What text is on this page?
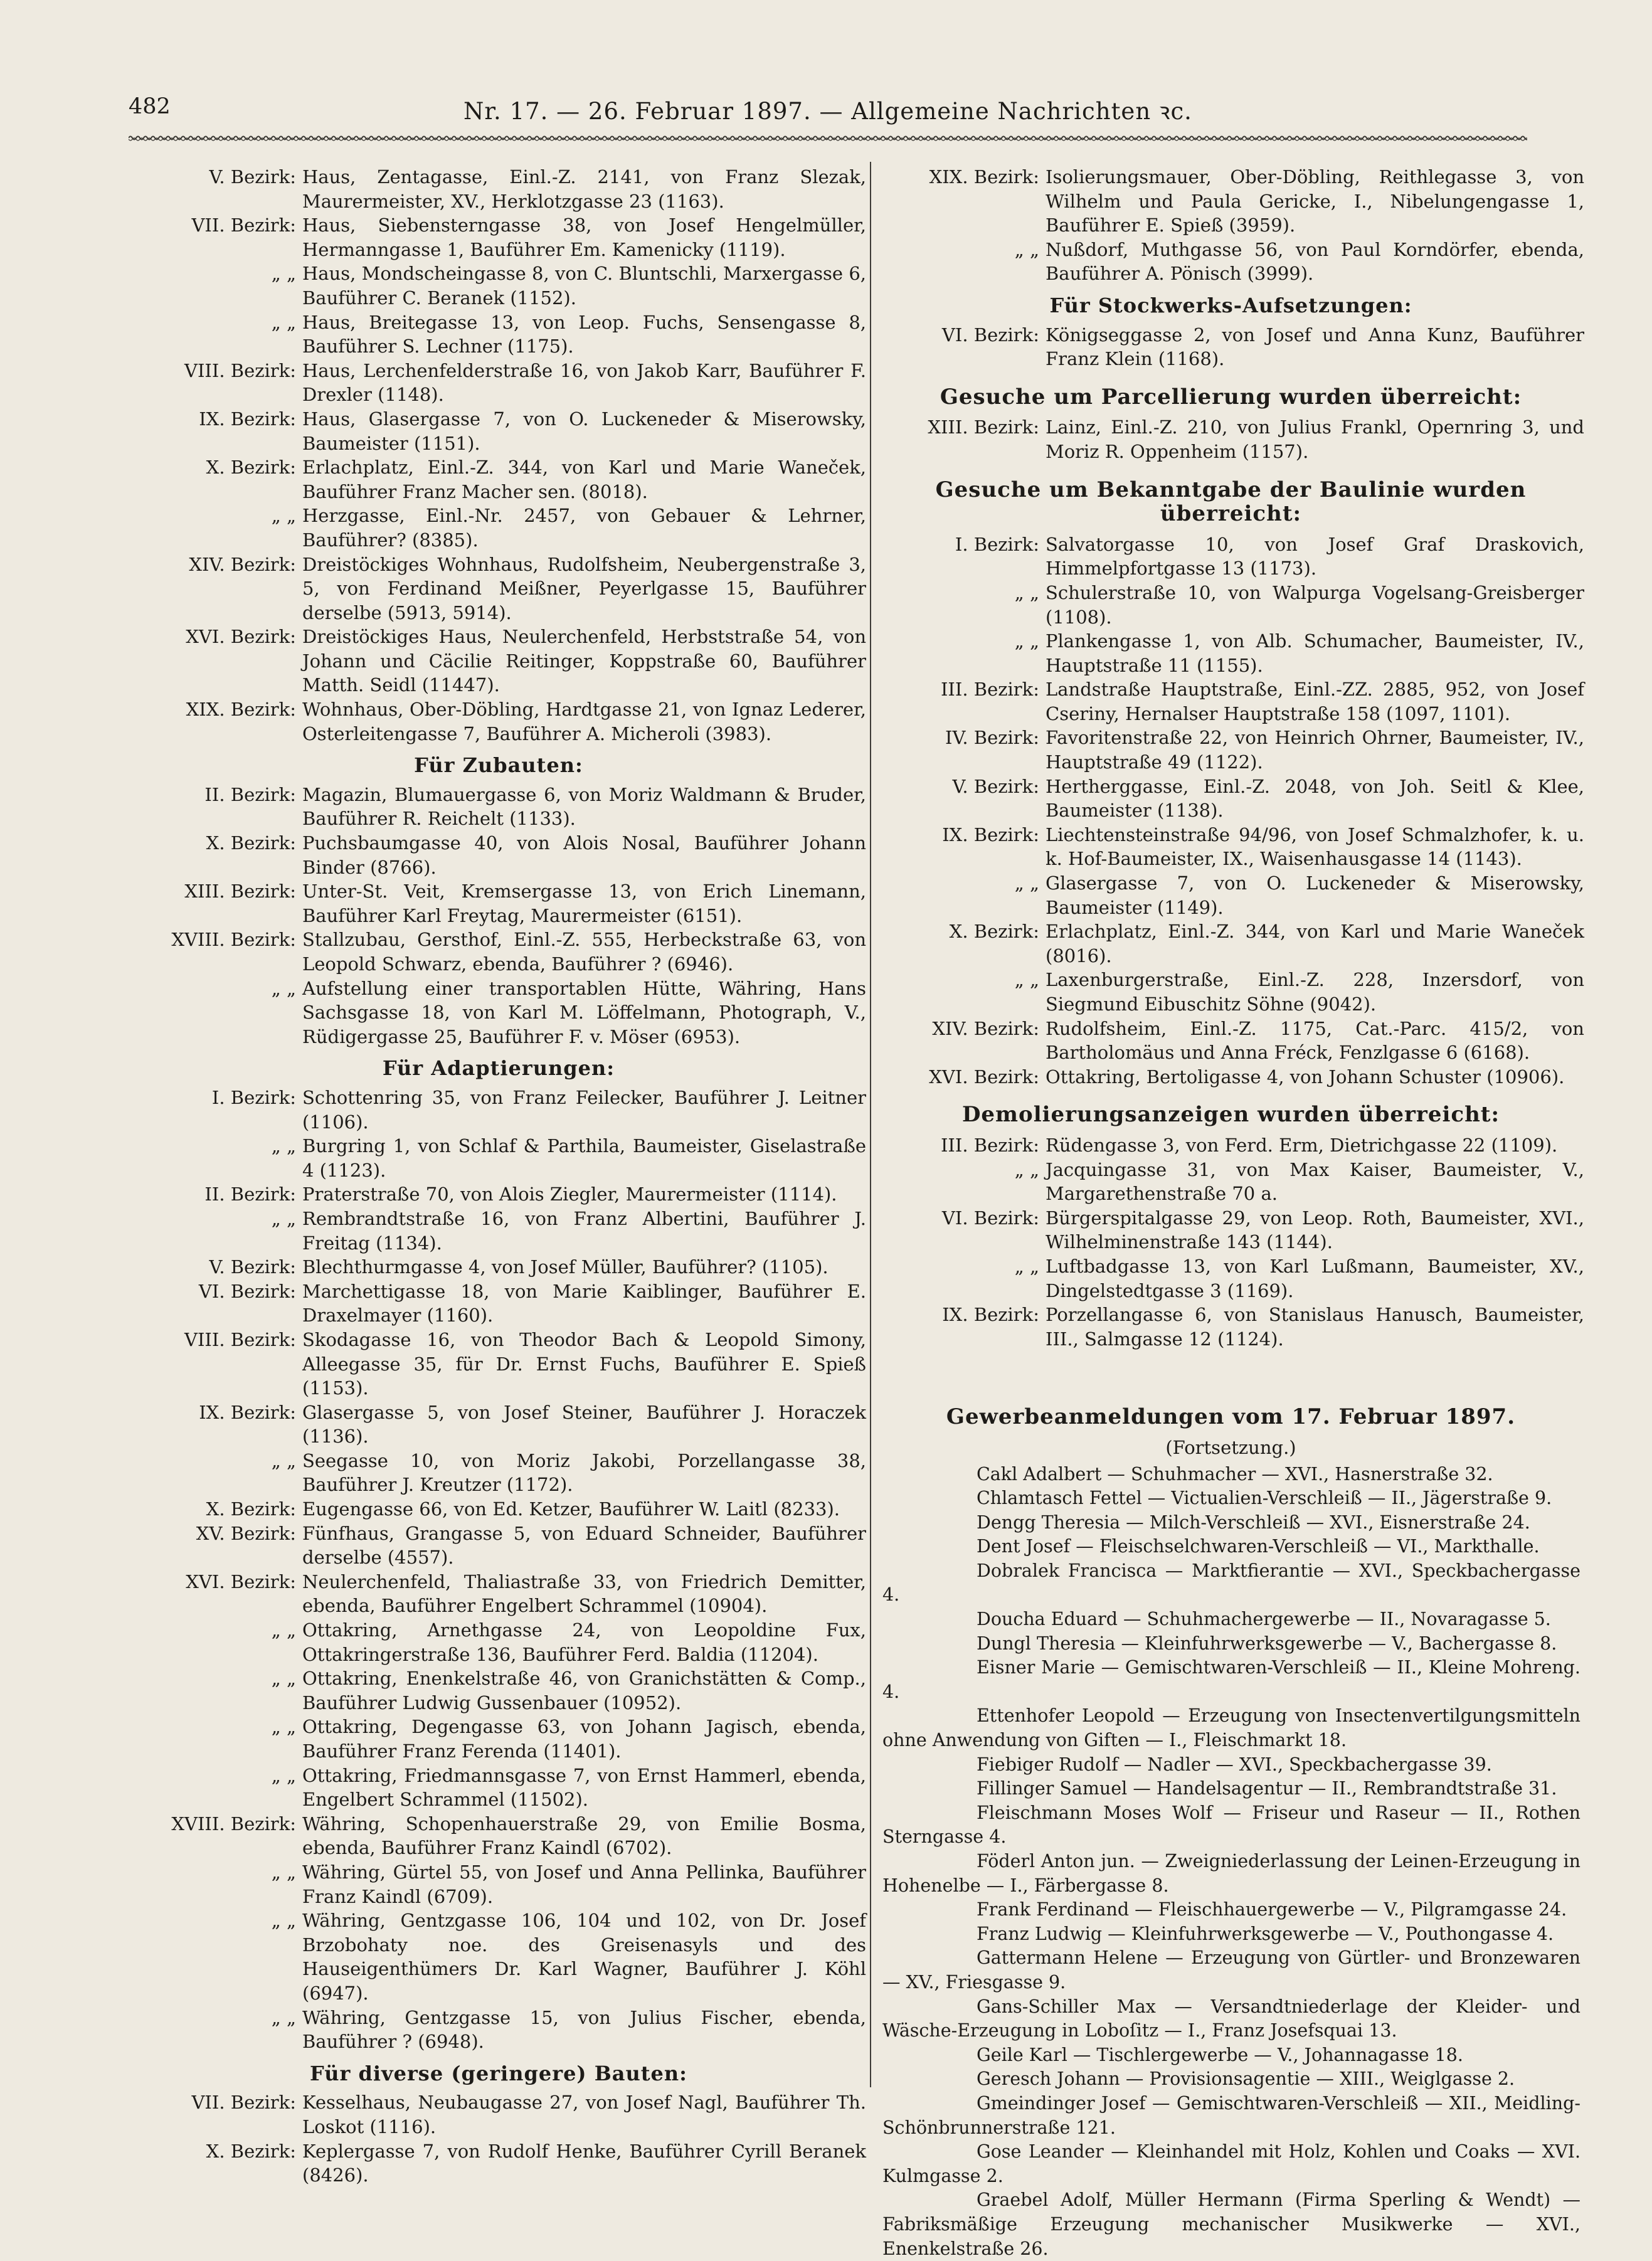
482	Nr. 17. — 26. Februar 1897. — Allgemeine Nachrichten ꝛc.
V. Bezirk: Haus, Zentagasse, Einl.-Z. 2141, von Franz Slezak, Maurermeister, XV., Herklotzgasse 23 (1163).
VII. Bezirk: Haus, Siebensterngasse 38, von Josef Hengelmüller, Hermanngasse 1, Bauführer Em. Kamenicky (1119).
„ „ Haus, Mondscheingasse 8, von C. Bluntschli, Marxergasse 6, Bauführer C. Beranek (1152).
„ „ Haus, Breitegasse 13, von Leop. Fuchs, Sensengasse 8, Bauführer S. Lechner (1175).
VIII. Bezirk: Haus, Lerchenfelderstraße 16, von Jakob Karr, Bauführer F. Drexler (1148).
IX. Bezirk: Haus, Glasergasse 7, von O. Luckeneder & Miserowsky, Baumeister (1151).
X. Bezirk: Erlachplatz, Einl.-Z. 344, von Karl und Marie Waneček, Bauführer Franz Macher sen. (8018).
„ „ Herzgasse, Einl.-Nr. 2457, von Gebauer & Lehrner, Bauführer? (8385).
XIV. Bezirk: Dreistöckiges Wohnhaus, Rudolfsheim, Neubergenstraße 3, 5, von Ferdinand Meißner, Peyerlgasse 15, Bauführer derselbe (5913, 5914).
XVI. Bezirk: Dreistöckiges Haus, Neulerchenfeld, Herbststraße 54, von Johann und Cäcilie Reitinger, Koppstraße 60, Bauführer Matth. Seidl (11447).
XIX. Bezirk: Wohnhaus, Ober-Döbling, Hardtgasse 21, von Ignaz Lederer, Osterleitengasse 7, Bauführer A. Micheroli (3983).
Für Zubauten:
II. Bezirk: Magazin, Blumauergasse 6, von Moriz Waldmann & Bruder, Bauführer R. Reichelt (1133).
X. Bezirk: Puchsbaumgasse 40, von Alois Nosal, Bauführer Johann Binder (8766).
XIII. Bezirk: Unter-St. Veit, Kremsergasse 13, von Erich Linemann, Bauführer Karl Freytag, Maurermeister (6151).
XVIII. Bezirk: Stallzubau, Gersthof, Einl.-Z. 555, Herbeckstraße 63, von Leopold Schwarz, ebenda, Bauführer ? (6946).
„ „ Aufstellung einer transportablen Hütte, Währing, Hans Sachsgasse 18, von Karl M. Löffelmann, Photograph, V., Rüdigergasse 25, Bauführer F. v. Möser (6953).
Für Adaptierungen:
I. Bezirk: Schottenring 35, von Franz Feilecker, Bauführer J. Leitner (1106).
„ „ Burgring 1, von Schlaf & Parthila, Baumeister, Giselastraße 4 (1123).
II. Bezirk: Praterstraße 70, von Alois Ziegler, Maurermeister (1114).
„ „ Rembrandtstraße 16, von Franz Albertini, Bauführer J. Freitag (1134).
V. Bezirk: Blechthurmgasse 4, von Josef Müller, Bauführer? (1105).
VI. Bezirk: Marchettigasse 18, von Marie Kaiblinger, Bauführer E. Draxelmayer (1160).
VIII. Bezirk: Skodagasse 16, von Theodor Bach & Leopold Simony, Alleegasse 35, für Dr. Ernst Fuchs, Bauführer E. Spieß (1153).
IX. Bezirk: Glasergasse 5, von Josef Steiner, Bauführer J. Horaczek (1136).
„ „ Seegasse 10, von Moriz Jakobi, Porzellangasse 38, Bauführer J. Kreutzer (1172).
X. Bezirk: Eugengasse 66, von Ed. Ketzer, Bauführer W. Laitl (8233).
XV. Bezirk: Fünfhaus, Grangasse 5, von Eduard Schneider, Bauführer derselbe (4557).
XVI. Bezirk: Neulerchenfeld, Thaliastraße 33, von Friedrich Demitter, ebenda, Bauführer Engelbert Schrammel (10904).
„ „ Ottakring, Arnethgasse 24, von Leopoldine Fux, Ottakringerstraße 136, Bauführer Ferd. Baldia (11204).
„ „ Ottakring, Enenkelstraße 46, von Granichstätten & Comp., Bauführer Ludwig Gussenbauer (10952).
„ „ Ottakring, Degengasse 63, von Johann Jagisch, ebenda, Bauführer Franz Ferenda (11401).
„ „ Ottakring, Friedmannsgasse 7, von Ernst Hammerl, ebenda, Engelbert Schrammel (11502).
XVIII. Bezirk: Währing, Schopenhauerstraße 29, von Emilie Bosma, ebenda, Bauführer Franz Kaindl (6702).
„ „ Währing, Gürtel 55, von Josef und Anna Pellinka, Bauführer Franz Kaindl (6709).
„ „ Währing, Gentzgasse 106, 104 und 102, von Dr. Josef Brzobohaty noe. des Greisenasyls und des Hauseigenthümers Dr. Karl Wagner, Bauführer J. Köhl (6947).
„ „ Währing, Gentzgasse 15, von Julius Fischer, ebenda, Bauführer ? (6948).
Für diverse (geringere) Bauten:
VII. Bezirk: Kesselhaus, Neubaugasse 27, von Josef Nagl, Bauführer Th. Loskot (1116).
X. Bezirk: Keplergasse 7, von Rudolf Henke, Bauführer Cyrill Beranek (8426).
XIX. Bezirk: Isolierungsmauer, Ober-Döbling, Reithlegasse 3, von Wilhelm und Paula Gericke, I., Nibelungengasse 1, Bauführer E. Spieß (3959).
„ „ Nußdorf, Muthgasse 56, von Paul Korndörfer, ebenda, Bauführer A. Pönisch (3999).
Für Stockwerks-Aufsetzungen:
VI. Bezirk: Königseggasse 2, von Josef und Anna Kunz, Bauführer Franz Klein (1168).
Gesuche um Parcellierung wurden überreicht:
XIII. Bezirk: Lainz, Einl.-Z. 210, von Julius Frankl, Opernring 3, und Moriz R. Oppenheim (1157).
Gesuche um Bekanntgabe der Baulinie wurden überreicht:
I. Bezirk: Salvatorgasse 10, von Josef Graf Draskovich, Himmelpfortgasse 13 (1173).
„ „ Schulerstraße 10, von Walpurga Vogelsang-Greisberger (1108).
„ „ Plankengasse 1, von Alb. Schumacher, Baumeister, IV., Hauptstraße 11 (1155).
III. Bezirk: Landstraße Hauptstraße, Einl.-ZZ. 2885, 952, von Josef Cseriny, Hernalser Hauptstraße 158 (1097, 1101).
IV. Bezirk: Favoritenstraße 22, von Heinrich Ohrner, Baumeister, IV., Hauptstraße 49 (1122).
V. Bezirk: Hertherggasse, Einl.-Z. 2048, von Joh. Seitl & Klee, Baumeister (1138).
IX. Bezirk: Liechtensteinstraße 94/96, von Josef Schmalzhofer, k. u. k. Hof-Baumeister, IX., Waisenhausgasse 14 (1143).
„ „ Glasergasse 7, von O. Luckeneder & Miserowsky, Baumeister (1149).
X. Bezirk: Erlachplatz, Einl.-Z. 344, von Karl und Marie Waneček (8016).
„ „ Laxenburgerstraße, Einl.-Z. 228, Inzersdorf, von Siegmund Eibuschitz Söhne (9042).
XIV. Bezirk: Rudolfsheim, Einl.-Z. 1175, Cat.-Parc. 415/2, von Bartholomäus und Anna Fréck, Fenzlgasse 6 (6168).
XVI. Bezirk: Ottakring, Bertoligasse 4, von Johann Schuster (10906).
Demolierungsanzeigen wurden überreicht:
III. Bezirk: Rüdengasse 3, von Ferd. Erm, Dietrichgasse 22 (1109).
„ „ Jacquingasse 31, von Max Kaiser, Baumeister, V., Margarethenstraße 70 a.
VI. Bezirk: Bürgerspitalgasse 29, von Leop. Roth, Baumeister, XVI., Wilhelminenstraße 143 (1144).
„ „ Luftbadgasse 13, von Karl Lußmann, Baumeister, XV., Dingelstedtgasse 3 (1169).
IX. Bezirk: Porzellangasse 6, von Stanislaus Hanusch, Baumeister, III., Salmgasse 12 (1124).
Gewerbeanmeldungen vom 17. Februar 1897.
(Fortsetzung.)
Cakl Adalbert — Schuhmacher — XVI., Hasnerstraße 32.
Chlamtasch Fettel — Victualien-Verschleiß — II., Jägerstraße 9.
Dengg Theresia — Milch-Verschleiß — XVI., Eisnerstraße 24.
Dent Josef — Fleischselchwaren-Verschleiß — VI., Markthalle.
Dobralek Francisca — Marktfierantie — XVI., Speckbachergasse 4.
Doucha Eduard — Schuhmachergewerbe — II., Novaragasse 5.
Dungl Theresia — Kleinfuhrwerksgewerbe — V., Bachergasse 8.
Eisner Marie — Gemischtwaren-Verschleiß — II., Kleine Mohreng. 4.
Ettenhofer Leopold — Erzeugung von Insectenvertilgungsmitteln ohne Anwendung von Giften — I., Fleischmarkt 18.
Fiebiger Rudolf — Nadler — XVI., Speckbachergasse 39.
Fillinger Samuel — Handelsagentur — II., Rembrandtstraße 31.
Fleischmann Moses Wolf — Friseur und Raseur — II., Rothen Sterngasse 4.
Föderl Anton jun. — Zweigniederlassung der Leinen-Erzeugung in Hohenelbe — I., Färbergasse 8.
Frank Ferdinand — Fleischhauergewerbe — V., Pilgramgasse 24.
Franz Ludwig — Kleinfuhrwerksgewerbe — V., Pouthongasse 4.
Gattermann Helene — Erzeugung von Gürtler- und Bronzewaren — XV., Friesgasse 9.
Gans-Schiller Max — Versandtniederlage der Kleider- und Wäsche-Erzeugung in Loboſitz — I., Franz Josefsquai 13.
Geile Karl — Tischlergewerbe — V., Johannagasse 18.
Geresch Johann — Provisionsagentie — XIII., Weiglgasse 2.
Gmeindinger Josef — Gemischtwaren-Verschleiß — XII., Meidling-Schönbrunnerstraße 121.
Gose Leander — Kleinhandel mit Holz, Kohlen und Coaks — XVI. Kulmgasse 2.
Graebel Adolf, Müller Hermann (Firma Sperling & Wendt) — Fabriksmäßige Erzeugung mechanischer Musikwerke — XVI., Enenkelstraße 26.
